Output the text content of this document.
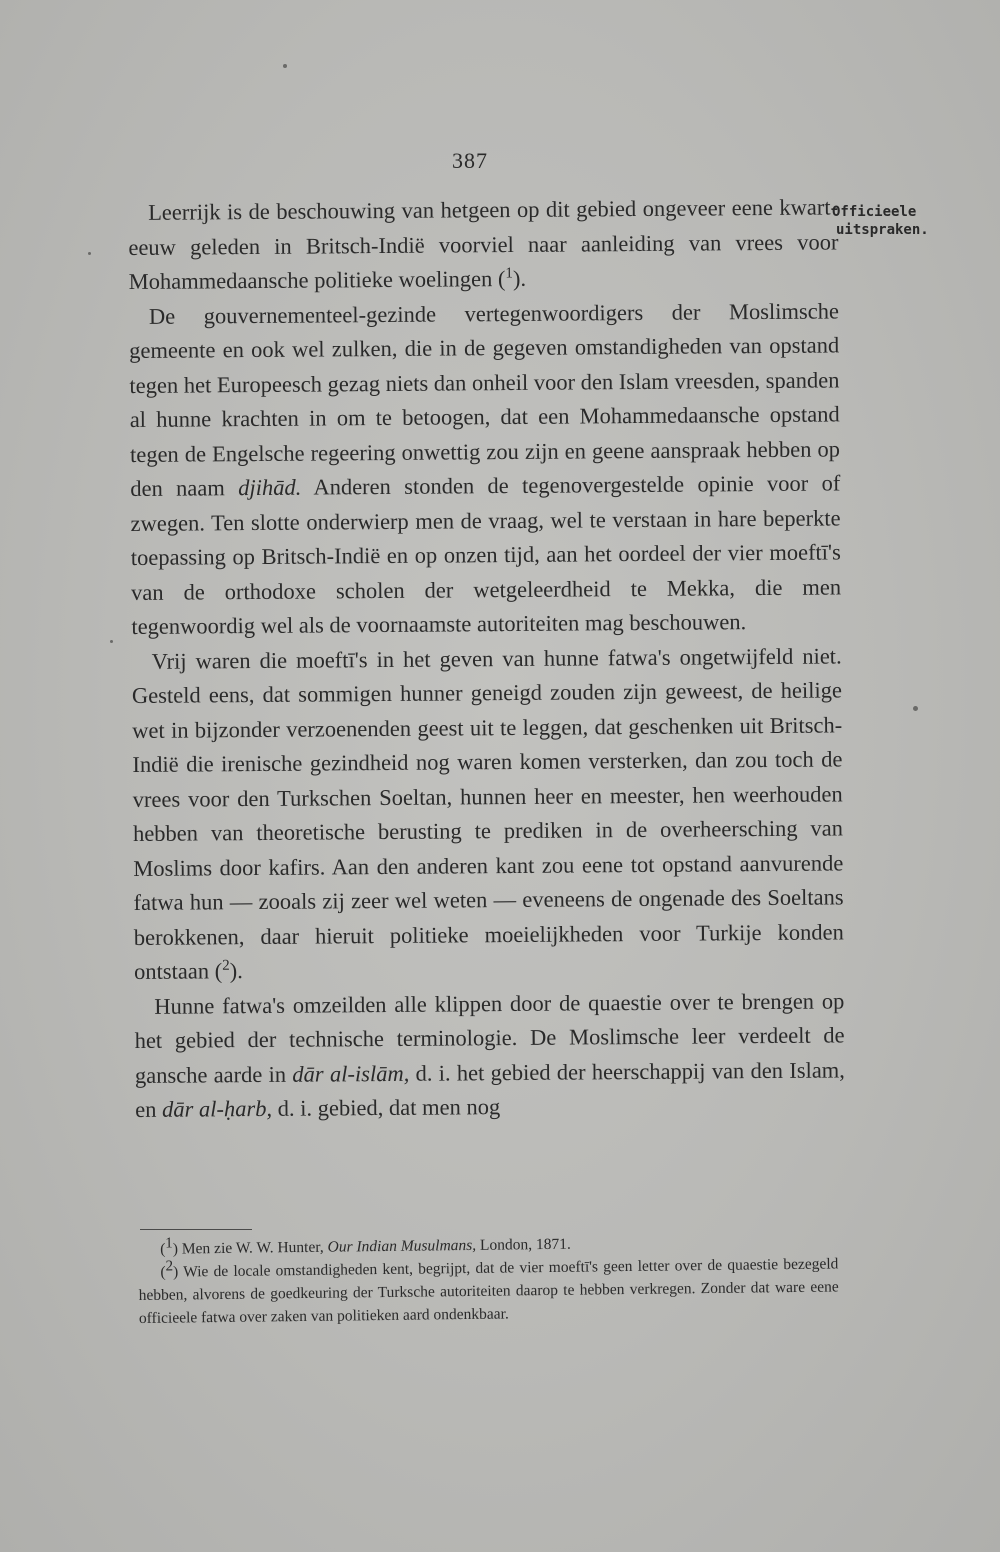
387
Officieele
uitspraken.

Leerrijk is de beschouwing van hetgeen op dit gebied ongeveer eene kwart-eeuw geleden in Britsch-Indië voorviel naar aanleiding van vrees voor Mohammedaansche politieke woelingen ($^1$).

De gouvernementeel-gezinde vertegenwoordigers der Moslimsche gemeente en ook wel zulken, die in de gegeven omstandigheden van opstand tegen het Europeesch gezag niets dan onheil voor den Islam vreesden, spanden al hunne krachten in om te betoogen, dat een Mohammedaansche opstand tegen de Engelsche regeering onwettig zou zijn en geene aanspraak hebben op den naam djihād. Anderen stonden de tegenovergestelde opinie voor of zwegen. Ten slotte onderwierp men de vraag, wel te verstaan in hare beperkte toepassing op Britsch-Indië en op onzen tijd, aan het oordeel der vier moeftī's van de orthodoxe scholen der wetgeleerdheid te Mekka, die men tegenwoordig wel als de voornaamste autoriteiten mag beschouwen.

Vrij waren die moeftī's in het geven van hunne fatwa's ongetwijfeld niet. Gesteld eens, dat sommigen hunner geneigd zouden zijn geweest, de heilige wet in bijzonder verzoenenden geest uit te leggen, dat geschenken uit Britsch-Indië die irenische gezindheid nog waren komen versterken, dan zou toch de vrees voor den Turkschen Soeltan, hunnen heer en meester, hen weerhouden hebben van theoretische berusting te prediken in de overheersching van Moslims door kafirs. Aan den anderen kant zou eene tot opstand aanvurende fatwa hun — zooals zij zeer wel weten — eveneens de ongenade des Soeltans berokkenen, daar hieruit politieke moeielijkheden voor Turkije konden ontstaan ($^2$).

Hunne fatwa's omzeilden alle klippen door de quaestie over te brengen op het gebied der technische terminologie. De Moslimsche leer verdeelt de gansche aarde in dār al-islām, d. i. het gebied der heerschappij van den Islam, en dār al-ḥarb, d. i. gebied, dat men nog

(1) Men zie W. W. Hunter, Our Indian Musulmans, London, 1871.

(2) Wie de locale omstandigheden kent, begrijpt, dat de vier moeftī's geen letter over de quaestie bezegeld hebben, alvorens de goedkeuring der Turksche autoriteiten daarop te hebben verkregen. Zonder dat ware eene officieele fatwa over zaken van politieken aard ondenkbaar.
